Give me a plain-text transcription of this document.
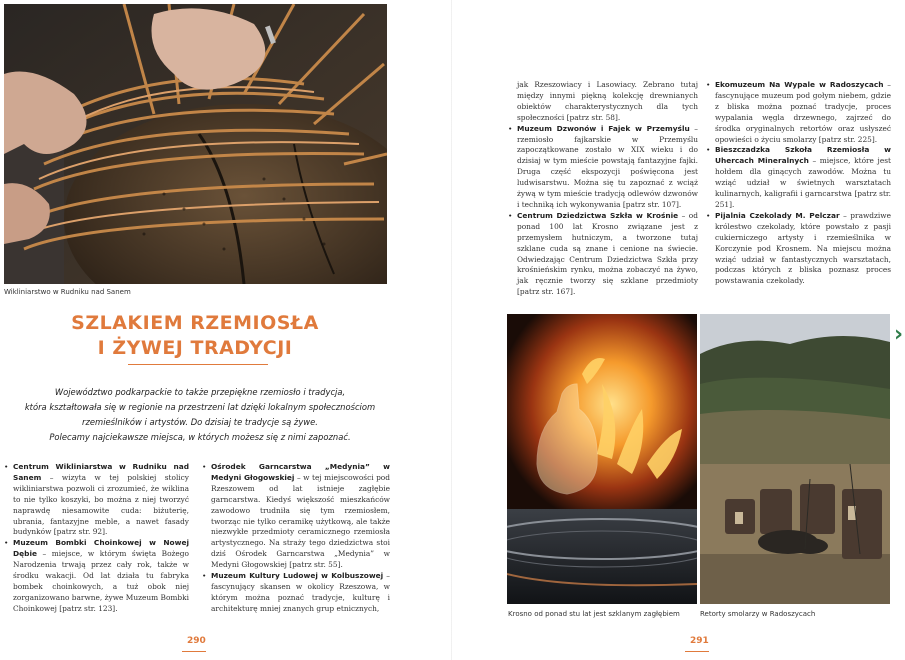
Wikliniarstwo w Rudniku nad Sanem
SZLAKIEM RZEMIOSŁA
I ŻYWEJ TRADYCJI
Województwo podkarpackie to także przepiękne rzemiosło i tradycja,
która kształtowała się w regionie na przestrzeni lat dzięki lokalnym społecznościom
rzemieślników i artystów. Do dzisiaj te tradycje są żywe.
Polecamy najciekawsze miejsca, w których możesz się z nimi zapoznać.
• Centrum Wikliniarstwa w Rudniku nad Sanem – wizyta w tej polskiej stolicy wikliniarstwa pozwoli ci zrozumieć, że wiklina to nie tylko koszyki, bo można z niej tworzyć naprawdę niesamowite cuda: biżuterię, ubrania, fantazyjne meble, a nawet fasady budynków [patrz str. 92].
• Muzeum Bombki Choinkowej w Nowej Dębie – miejsce, w którym święta Bożego Narodzenia trwają przez cały rok, także w środku wakacji. Od lat działa tu fabryka bombek choinkowych, a tuż obok niej zorganizowano barwne, żywe Muzeum Bombki Choinkowej [patrz str. 123].
• Ośrodek Garncarstwa „Medynia” w Medyni Głogowskiej – w tej miejscowości pod Rzeszowem od lat istnieje zagłębie garncarstwa. Kiedyś większość mieszkańców zawodowo trudniła się tym rzemiosłem, tworząc nie tylko ceramikę użytkową, ale także niezwykłe przedmioty ceramicznego rzemiosła artystycznego. Na straży tego dziedzictwa stoi dziś Ośrodek Garncarstwa „Medynia” w Medyni Głogowskiej [patrz str. 55].
• Muzeum Kultury Ludowej w Kolbuszowej – fascynujący skansen w okolicy Rzeszowa, w którym można poznać tradycje, kulturę i architekturę mniej znanych grup etnicznych,
290
jak Rzeszowiacy i Lasowiacy. Zebrano tutaj między innymi piękną kolekcję drewnianych obiektów charakterystycznych dla tych społeczności [patrz str. 58].
• Muzeum Dzwonów i Fajek w Przemyślu – rzemiosło fajkarskie w Przemyślu zapoczątkowane zostało w XIX wieku i do dzisiaj w tym mieście powstają fantazyjne fajki. Druga część ekspozycji poświęcona jest ludwisarstwu. Można się tu zapoznać z wciąż żywą w tym mieście tradycją odlewów dzwonów i techniką ich wykonywania [patrz str. 107].
• Centrum Dziedzictwa Szkła w Krośnie – od ponad 100 lat Krosno związane jest z przemysłem hutniczym, a tworzone tutaj szklane cuda są znane i cenione na świecie. Odwiedzając Centrum Dziedzictwa Szkła przy krośnieńskim rynku, można zobaczyć na żywo, jak ręcznie tworzy się szklane przedmioty [patrz str. 167].
• Ekomuzeum Na Wypale w Radoszycach – fascynujące muzeum pod gołym niebem, gdzie z bliska można poznać tradycje, proces wypalania węgla drzewnego, zajrzeć do środka oryginalnych retortów oraz usłyszeć opowieści o życiu smolarzy [patrz str. 225].
• Bieszczadzka Szkoła Rzemiosła w Uhercach Mineralnych – miejsce, które jest hołdem dla ginących zawodów. Można tu wziąć udział w świetnych warsztatach kulinarnych, kaligrafii i garncarstwa [patrz str. 251].
• Pijalnia Czekolady M. Pelczar – prawdziwe królestwo czekolady, które powstało z pasji cukierniczego artysty i rzemieślnika w Korczynie pod Krosnem. Na miejscu można wziąć udział w fantastycznych warsztatach, podczas których z bliska poznasz proces powstawania czekolady.
Krosno od ponad stu lat jest szklanym zagłębiem	Retorty smolarzy w Radoszycach
291
›
